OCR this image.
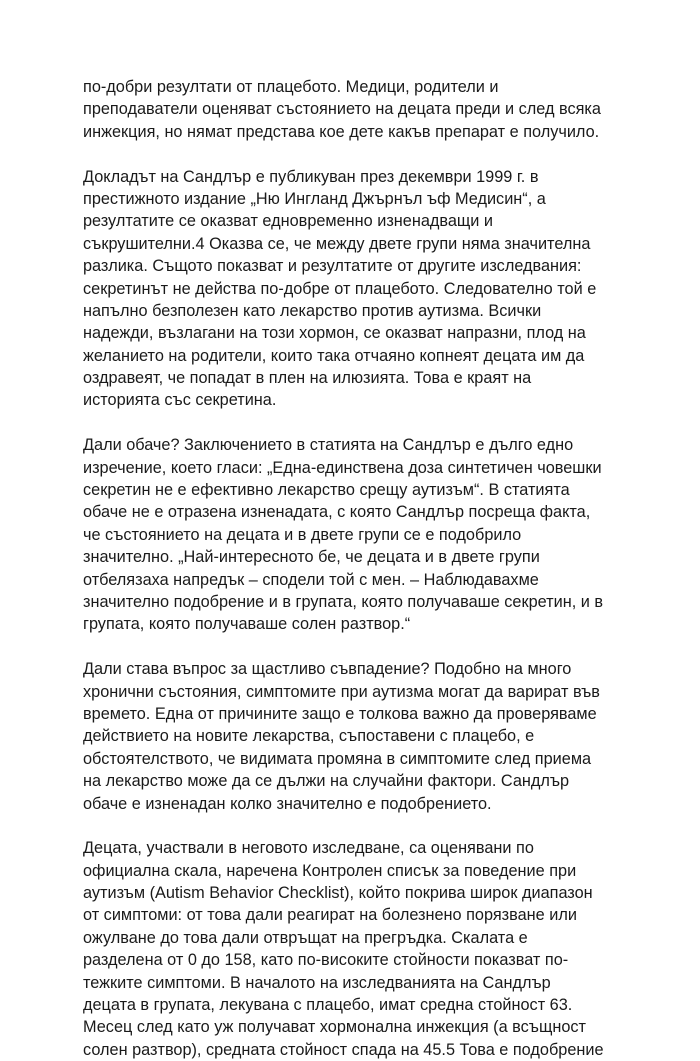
по-добри резултати от плацебото. Медици, родители и
преподаватели оценяват състоянието на децата преди и след всяка
инжекция, но нямат представа кое дете какъв препарат е получило.
Докладът на Сандлър е публикуван през декември 1999 г. в
престижното издание „Ню Ингланд Джърнъл ъф Медисин“, а
резултатите се оказват едновременно изненадващи и
съкрушителни.4 Оказва се, че между двете групи няма значителна
разлика. Същото показват и резултатите от другите изследвания:
секретинът не действа по-добре от плацебото. Следователно той е
напълно безполезен като лекарство против аутизма. Всички
надежди, възлагани на този хормон, се оказват напразни, плод на
желанието на родители, които така отчаяно копнеят децата им да
оздравеят, че попадат в плен на илюзията. Това е краят на
историята със секретина.
Дали обаче? Заключението в статията на Сандлър е дълго едно
изречение, което гласи: „Една-единствена доза синтетичен човешки
секретин не е ефективно лекарство срещу аутизъм“. В статията
обаче не е отразена изненадата, с която Сандлър посреща факта,
че състоянието на децата и в двете групи се е подобрило
значително. „Най-интересното бе, че децата и в двете групи
отбелязаха напредък – сподели той с мен. – Наблюдавахме
значително подобрение и в групата, която получаваше секретин, и в
групата, която получаваше солен разтвор.“
Дали става въпрос за щастливо съвпадение? Подобно на много
хронични състояния, симптомите при аутизма могат да варират във
времето. Една от причините защо е толкова важно да проверяваме
действието на новите лекарства, съпоставени с плацебо, е
обстоятелството, че видимата промяна в симптомите след приема
на лекарство може да се дължи на случайни фактори. Сандлър
обаче е изненадан колко значително е подобрението.
Децата, участвали в неговото изследване, са оценявани по
официална скала, наречена Контролен списък за поведение при
аутизъм (Autism Behavior Checklist), който покрива широк диапазон
от симптоми: от това дали реагират на болезнено порязване или
ожулване до това дали отвръщат на прегръдка. Скалата е
разделена от 0 до 158, като по-високите стойности показват по-
тежките симптоми. В началото на изследванията на Сандлър
децата в групата, лекувана с плацебо, имат средна стойност 63.
Месец след като уж получават хормонална инжекция (а всъщност
солен разтвор), средната стойност спада на 45.5 Това е подобрение
